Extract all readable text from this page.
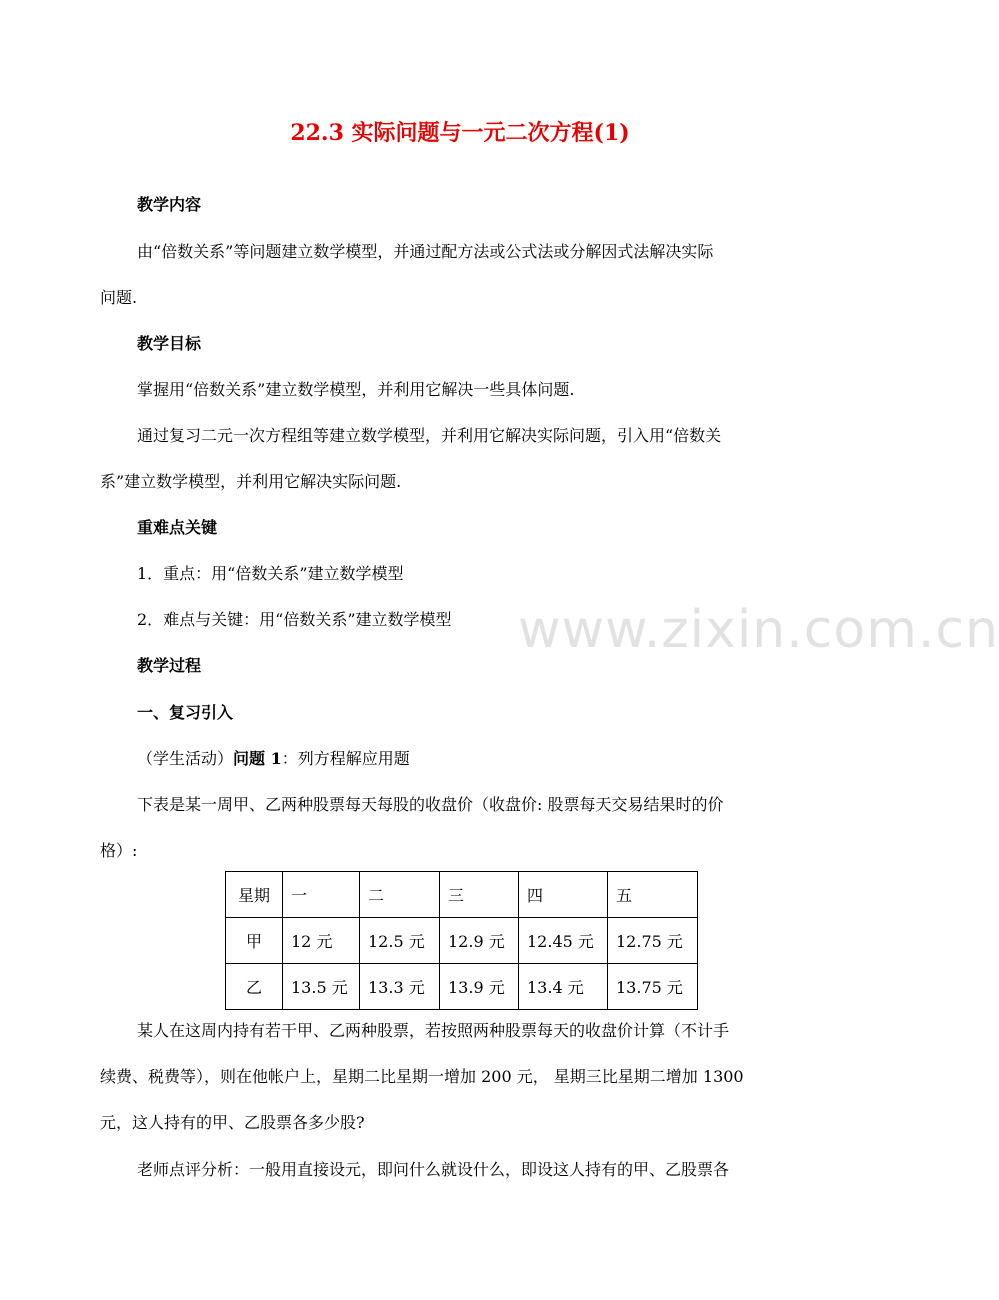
www.zixin.com.cn
22.3 实际问题与一元二次方程(1)
教学内容
由“倍数关系”等问题建立数学模型，并通过配方法或公式法或分解因式法解决实际
问题.
教学目标
掌握用“倍数关系”建立数学模型，并利用它解决一些具体问题.
通过复习二元一次方程组等建立数学模型，并利用它解决实际问题，引入用“倍数关
系”建立数学模型，并利用它解决实际问题.
重难点关键
1．重点：用“倍数关系”建立数学模型
2．难点与关键：用“倍数关系”建立数学模型
教学过程
一、复习引入
（学生活动）问题 1：列方程解应用题
下表是某一周甲、乙两种股票每天每股的收盘价（收盘价: 股票每天交易结果时的价
格）:
星期	一	二	三	四	五
甲	12 元	12.5 元	12.9 元	12.45 元	12.75 元
乙	13.5 元	13.3 元	13.9 元	13.4 元	13.75 元
某人在这周内持有若干甲、乙两种股票，若按照两种股票每天的收盘价计算（不计手
续费、税费等），则在他帐户上，星期二比星期一增加 200 元， 星期三比星期二增加 1300
元，这人持有的甲、乙股票各多少股?
老师点评分析：一般用直接设元，即问什么就设什么，即设这人持有的甲、乙股票各
